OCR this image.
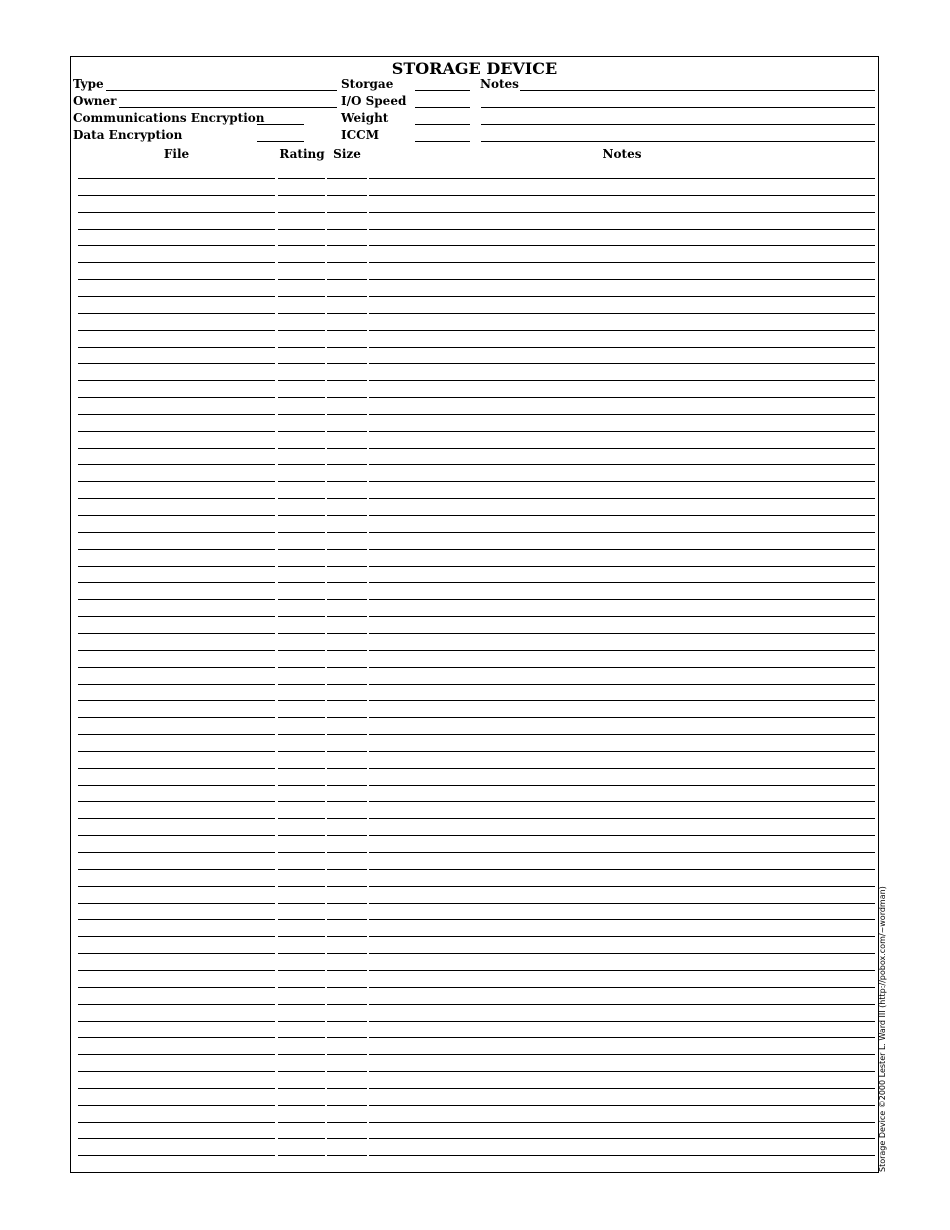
STORAGE DEVICE
Type
Owner
Communications Encryption
Data Encryption
Storgae
I/O Speed
Weight
ICCM
Notes
File	Rating Size	Notes
Storage Device ©2000 Lester L. Ward III (http://pobox.com/~wordman)
